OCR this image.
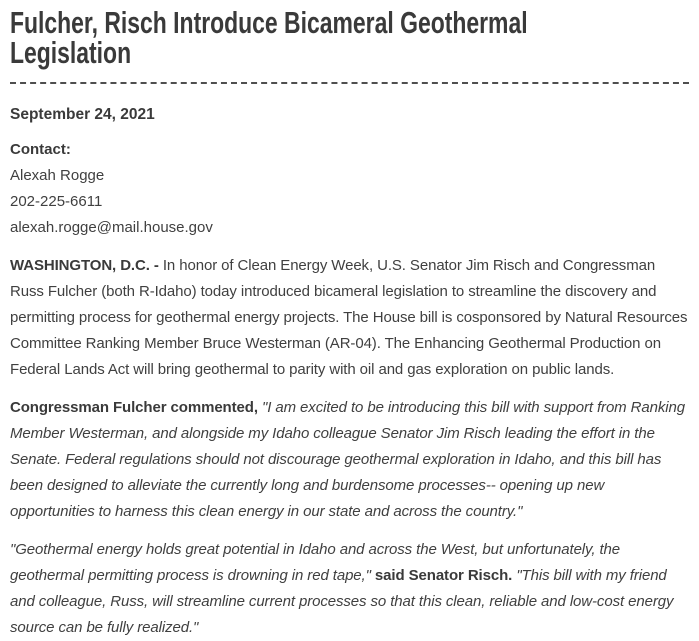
Fulcher, Risch Introduce Bicameral Geothermal Legislation

September 24, 2021

Contact:
Alexah Rogge
202-225-6611
alexah.rogge@mail.house.gov

WASHINGTON, D.C. - In honor of Clean Energy Week, U.S. Senator Jim Risch and Congressman Russ Fulcher (both R-Idaho) today introduced bicameral legislation to streamline the discovery and permitting process for geothermal energy projects. The House bill is cosponsored by Natural Resources Committee Ranking Member Bruce Westerman (AR-04). The Enhancing Geothermal Production on Federal Lands Act will bring geothermal to parity with oil and gas exploration on public lands.

Congressman Fulcher commented, "I am excited to be introducing this bill with support from Ranking Member Westerman, and alongside my Idaho colleague Senator Jim Risch leading the effort in the Senate. Federal regulations should not discourage geothermal exploration in Idaho, and this bill has been designed to alleviate the currently long and burdensome processes-- opening up new opportunities to harness this clean energy in our state and across the country."

"Geothermal energy holds great potential in Idaho and across the West, but unfortunately, the geothermal permitting process is drowning in red tape," said Senator Risch. "This bill with my friend and colleague, Russ, will streamline current processes so that this clean, reliable and low-cost energy source can be fully realized."
